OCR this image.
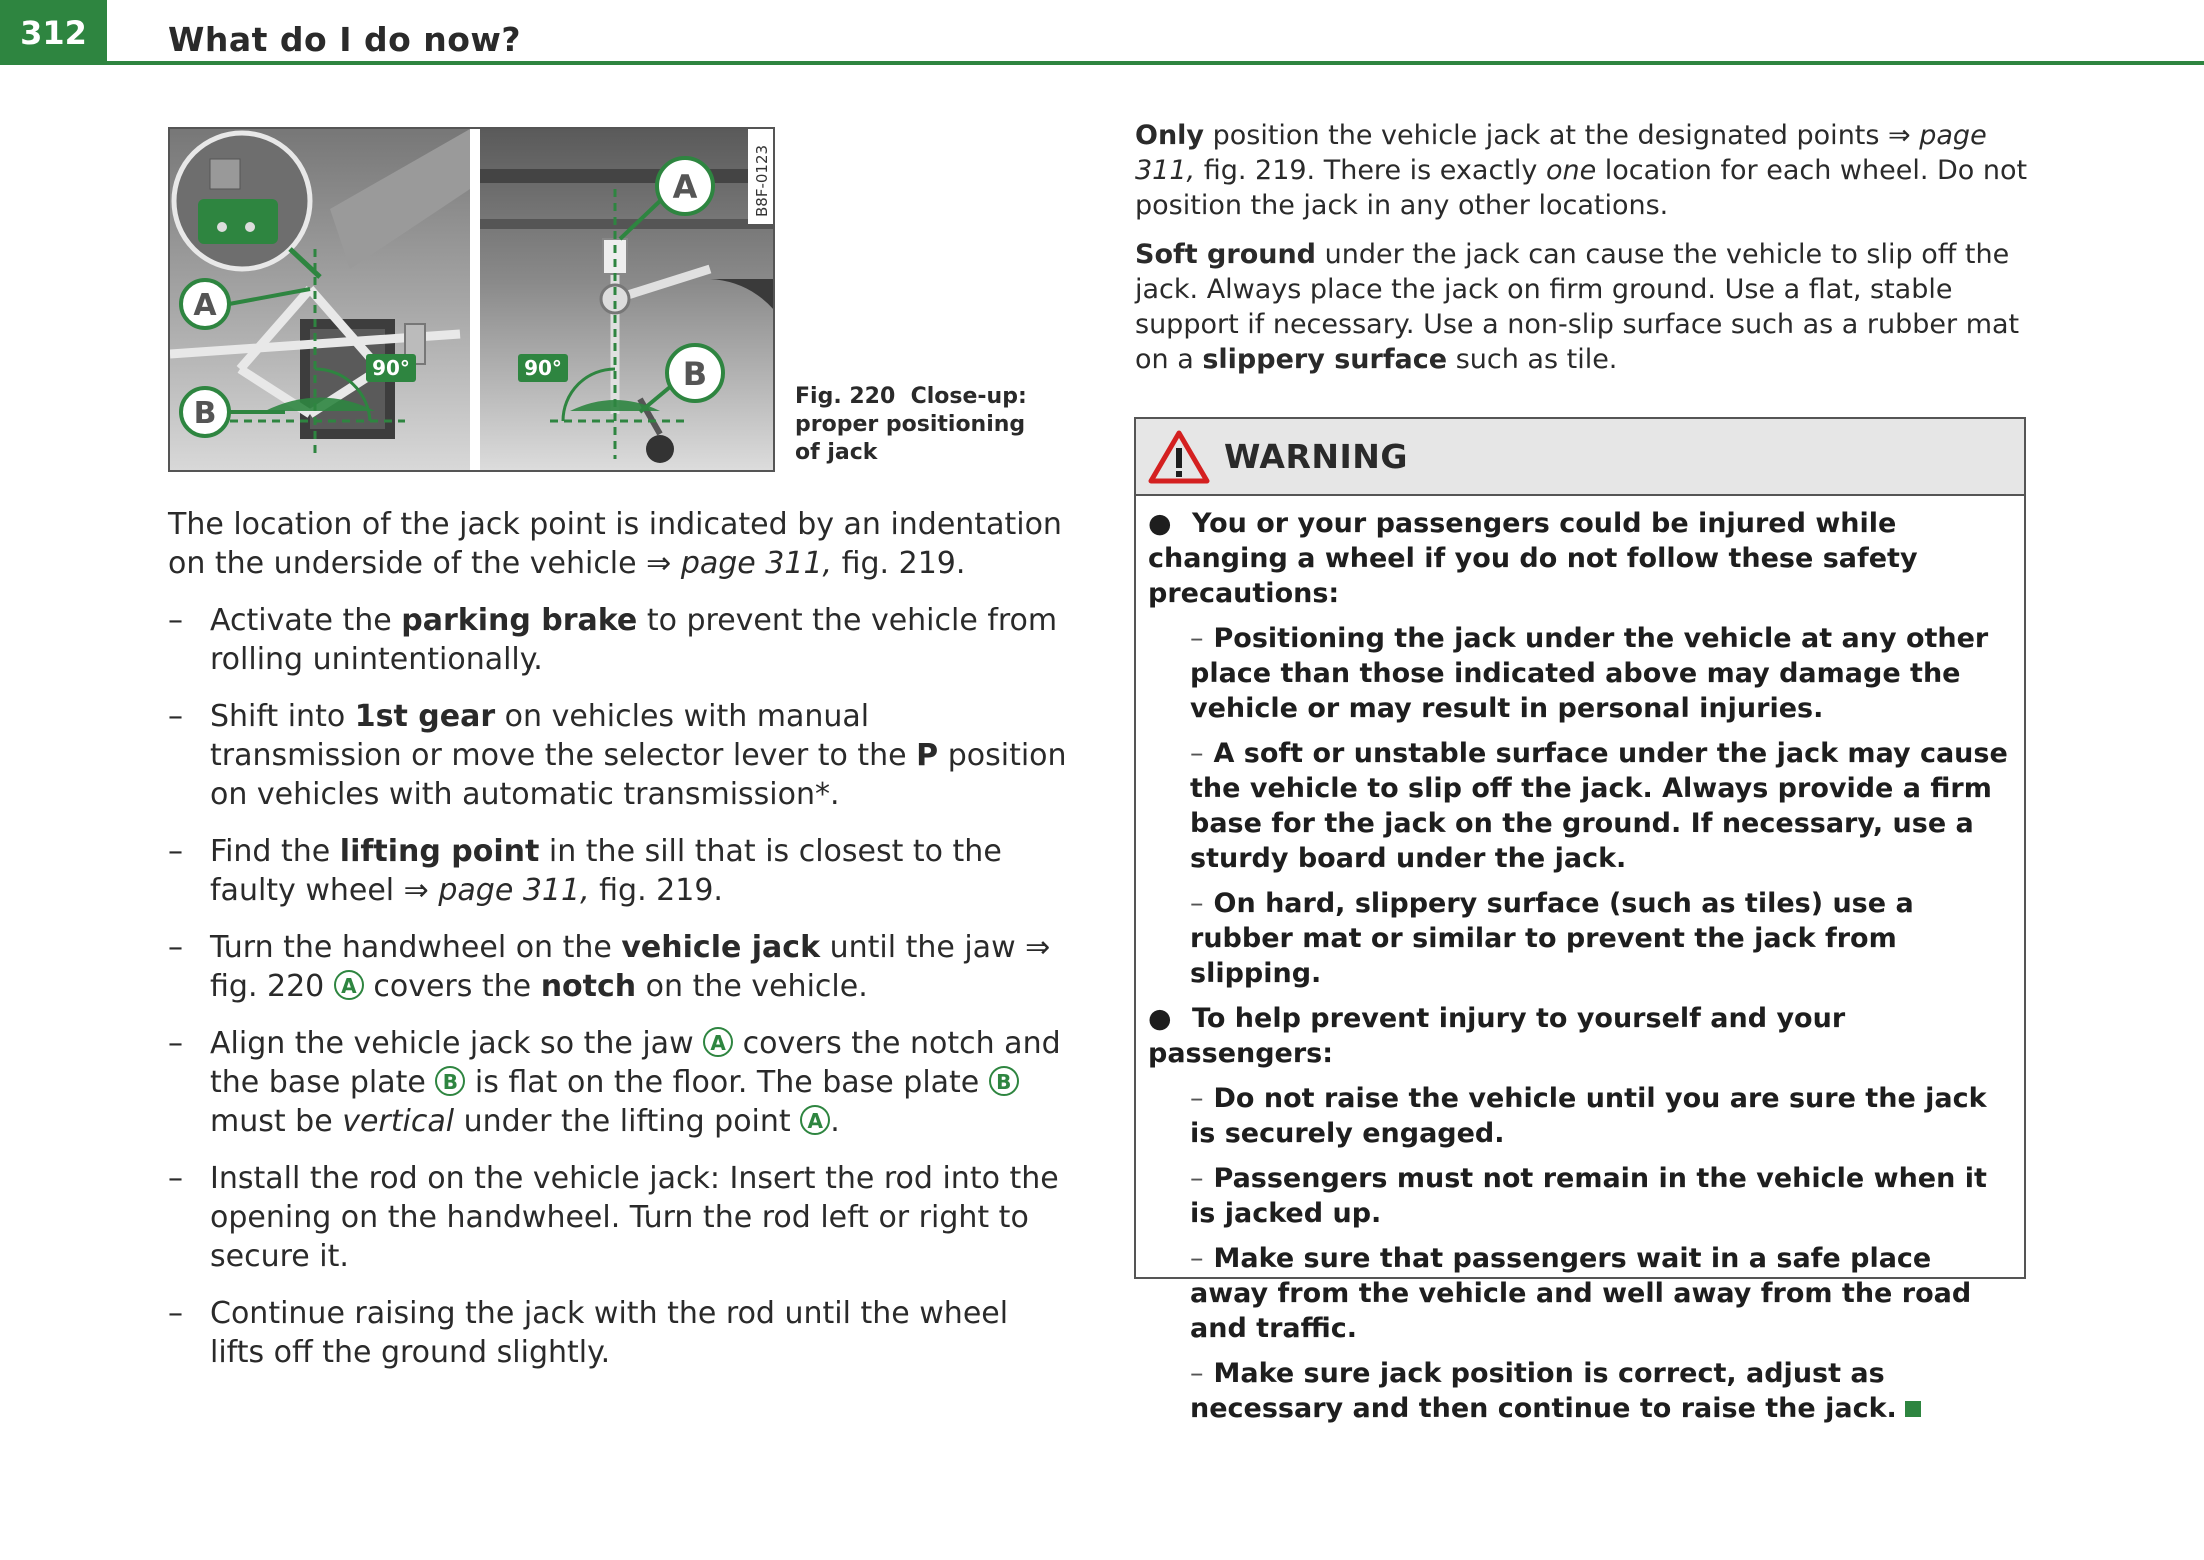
312	What do I do now?
90°
A
B
90°
A
B
B8F-0123
Fig. 220 Close-up: proper positioning of jack

The location of the jack point is indicated by an indentation on the underside of the vehicle ⇒ page 311, fig. 219.

– Activate the parking brake to prevent the vehicle from rolling unintentionally.
– Shift into 1st gear on vehicles with manual transmission or move the selector lever to the P position on vehicles with automatic transmission*.
– Find the lifting point in the sill that is closest to the faulty wheel ⇒ page 311, fig. 219.
– Turn the handwheel on the vehicle jack until the jaw ⇒ fig. 220 A covers the notch on the vehicle.
– Align the vehicle jack so the jaw A covers the notch and the base plate B is flat on the floor. The base plate B must be vertical under the lifting point A .
– Install the rod on the vehicle jack: Insert the rod into the opening on the handwheel. Turn the rod left or right to secure it.
– Continue raising the jack with the rod until the wheel lifts off the ground slightly.

Only position the vehicle jack at the designated points ⇒ page 311, fig. 219. There is exactly one location for each wheel. Do not position the jack in any other locations.

Soft ground under the jack can cause the vehicle to slip off the jack. Always place the jack on firm ground. Use a flat, stable support if necessary. Use a non-slip surface such as a rubber mat on a slippery surface such as tile.

WARNING
● You or your passengers could be injured while changing a wheel if you do not follow these safety precautions:
– Positioning the jack under the vehicle at any other place than those indicated above may damage the vehicle or may result in personal injuries.
– A soft or unstable surface under the jack may cause the vehicle to slip off the jack. Always provide a firm base for the jack on the ground. If necessary, use a sturdy board under the jack.
– On hard, slippery surface (such as tiles) use a rubber mat or similar to prevent the jack from slipping.
● To help prevent injury to yourself and your passengers:
– Do not raise the vehicle until you are sure the jack is securely engaged.
– Passengers must not remain in the vehicle when it is jacked up.
– Make sure that passengers wait in a safe place away from the vehicle and well away from the road and traffic.
– Make sure jack position is correct, adjust as necessary and then continue to raise the jack.
